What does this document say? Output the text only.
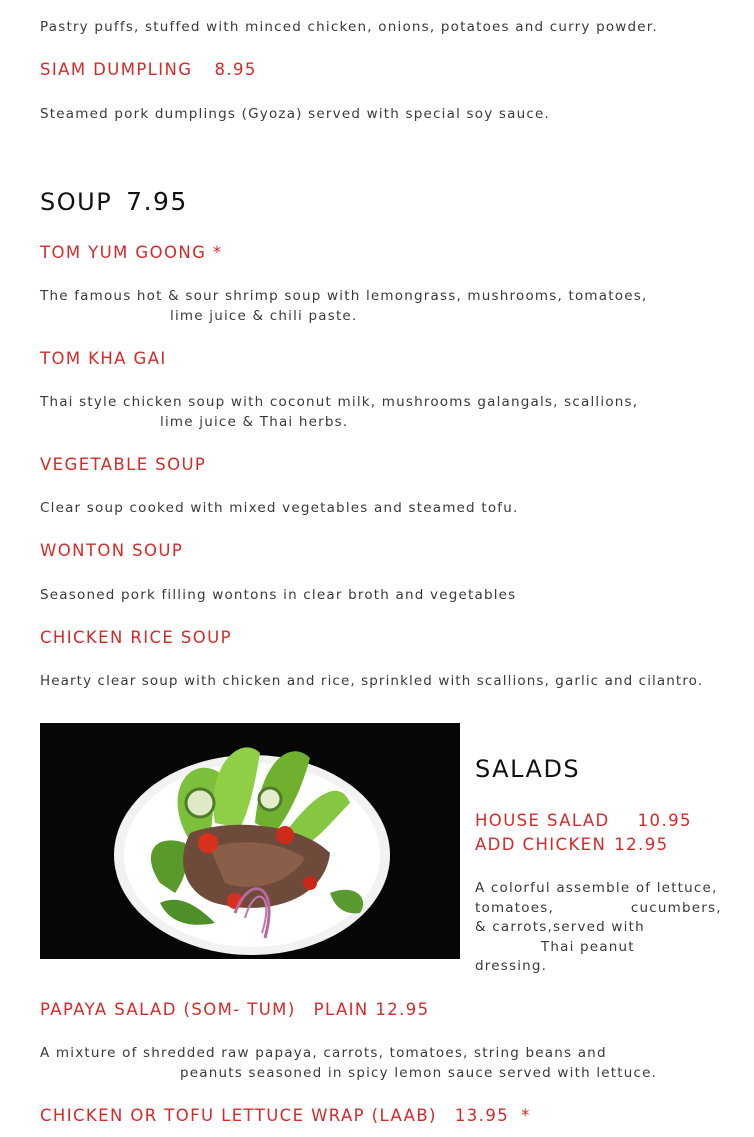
Pastry puffs, stuffed with minced chicken, onions, potatoes and curry powder.
SIAM DUMPLING 8.95
Steamed pork dumplings (Gyoza) served with special soy sauce.
SOUP 7.95
TOM YUM GOONG *
The famous hot & sour shrimp soup with lemongrass, mushrooms, tomatoes,
lime juice & chili paste.
TOM KHA GAI
Thai style chicken soup with coconut milk, mushrooms galangals, scallions,
lime juice & Thai herbs.
VEGETABLE SOUP
Clear soup cooked with mixed vegetables and steamed tofu.
WONTON SOUP
Seasoned pork filling wontons in clear broth and vegetables
CHICKEN RICE SOUP
Hearty clear soup with chicken and rice, sprinkled with scallions, garlic and cilantro.
SALADS
HOUSE SALAD 10.95
ADD CHICKEN 12.95
A colorful assemble of lettuce,
tomatoes,              cucumbers,
& carrots,served with
Thai peanut
dressing.
PAPAYA SALAD (SOM- TUM) PLAIN 12.95
A mixture of shredded raw papaya, carrots, tomatoes, string beans and
peanuts seasoned in spicy lemon sauce served with lettuce.
CHICKEN OR TOFU LETTUCE WRAP (LAAB) 13.95 *
